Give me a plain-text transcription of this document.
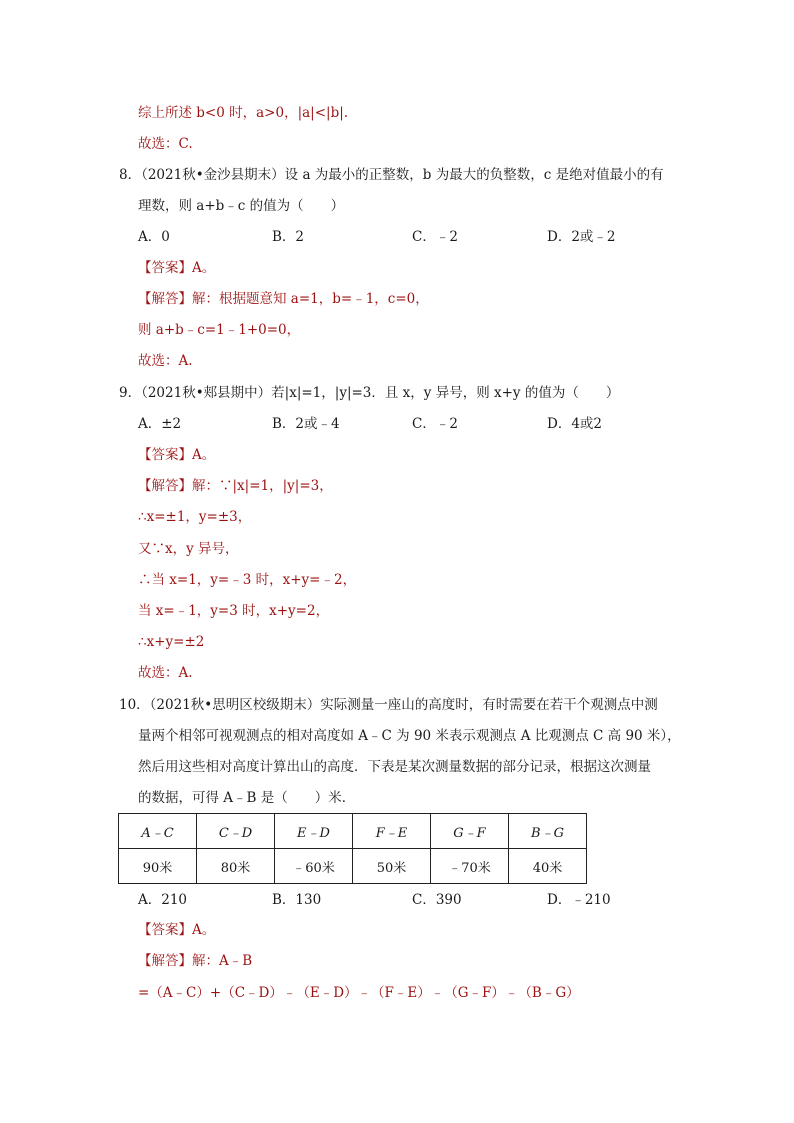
综上所述 b<0 时，a>0，|a|<|b|.
故选：C.
8．（2021秋•金沙县期末）设 a 为最小的正整数，b 为最大的负整数，c 是绝对值最小的有
理数，则 a+b﹣c 的值为（　　）
A．0	B．2	C．﹣2	D．2或﹣2
【答案】A。
【解答】解：根据题意知 a=1，b=﹣1，c=0，
则 a+b﹣c=1﹣1+0=0，
故选：A.
9．（2021秋•郏县期中）若|x|=1，|y|=3．且 x，y 异号，则 x+y 的值为（　　）
A．±2	B．2或﹣4	C．﹣2	D．4或2
【答案】A。
【解答】解：∵|x|=1，|y|=3，
∴x=±1，y=±3，
又∵x，y 异号，
∴当 x=1，y=﹣3 时，x+y=﹣2，
当 x=﹣1，y=3 时，x+y=2，
∴x+y=±2
故选：A.
10．（2021秋•思明区校级期末）实际测量一座山的高度时，有时需要在若干个观测点中测
量两个相邻可视观测点的相对高度如 A﹣C 为 90 米表示观测点 A 比观测点 C 高 90 米），
然后用这些相对高度计算出山的高度．下表是某次测量数据的部分记录，根据这次测量
的数据，可得 A﹣B 是（　　）米．
A﹣C	C﹣D	E﹣D	F﹣E	G﹣F	B﹣G
90米	80米	﹣60米	50米	﹣70米	40米
A．210	B．130	C．390	D．﹣210
【答案】A。
【解答】解：A﹣B
=（A﹣C）+（C﹣D）﹣（E﹣D）﹣（F﹣E）﹣（G﹣F）﹣（B﹣G）
